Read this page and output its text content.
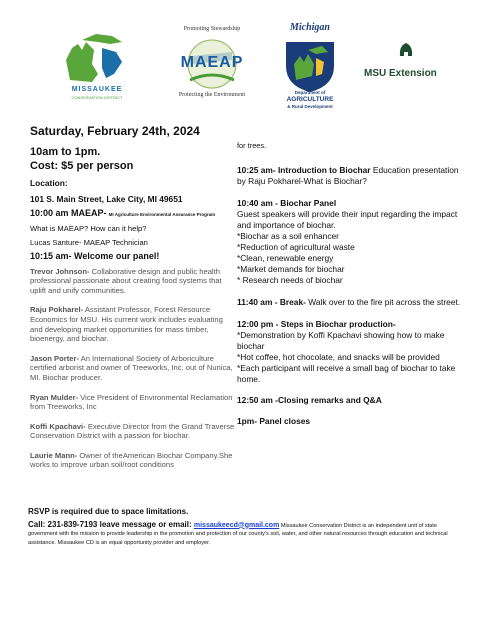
MISSAUKEE
CONSERVATION DISTRICT
Promoting Stewardship
MAEAP
Protecting the Environment
Michigan
Department of
AGRICULTURE
& Rural Development
MSU Extension

Saturday, February 24th, 2024

10am to 1pm.

Cost: $5 per person

Location:

101 S. Main Street, Lake City, MI 49651

10:00 am MAEAP- MI Agriculture Environmental Assurance Program

What is MAEAP? How can it help?

Lucas Santure- MAEAP Technician

10:15 am- Welcome our panel!

Trevor Johnson- Collaborative design and public health professional passionate about creating food systems that uplift and unify communities.

Raju Pokharel- Assistant Professor, Forest Resource Economics for MSU. His current work includes evaluating and developing market opportunities for mass timber, bioenergy, and biochar.

Jason Porter- An International Society of Arboriculture certified arborist and owner of Treeworks, Inc. out of Nunica, MI. Biochar producer.

Ryan Mulder- Vice President of Environmental Reclamation from Treeworks, Inc

Koffi Kpachavi- Executive Director from the Grand Traverse Conservation District with a passion for biochar.

Laurie Mann- Owner of theAmerican Biochar Company.She works to improve urban soil/root conditions

for trees.

10:25 am- Introduction to Biochar Education presentation by Raju Pokharel-What is Biochar?

10:40 am - Biochar Panel

Guest speakers will provide their input regarding the impact and importance of biochar.

*Biochar as a soil enhancer

*Reduction of agricultural waste

*Clean, renewable energy

*Market demands for biochar

* Research needs of biochar

11:40 am - Break- Walk over to the fire pit across the street.

12:00 pm - Steps in Biochar production-

*Demonstration by Koffi Kpachavi showing how to make biochar

*Hot coffee, hot chocolate, and snacks will be provided

*Each participant will receive a small bag of biochar to take home.

12:50 am -Closing remarks and Q&A

1pm- Panel closes

RSVP is required due to space limitations.

Call: 231-839-7193 leave message or email: missaukeecd@gmail.com Missaukee Conservation District is an independent unit of state government with the mission to provide leadership in the promotion and protection of our county's soil, water, and other natural resources through education and technical assistance. Missaukee CD is an equal opportunity provider and employer.
